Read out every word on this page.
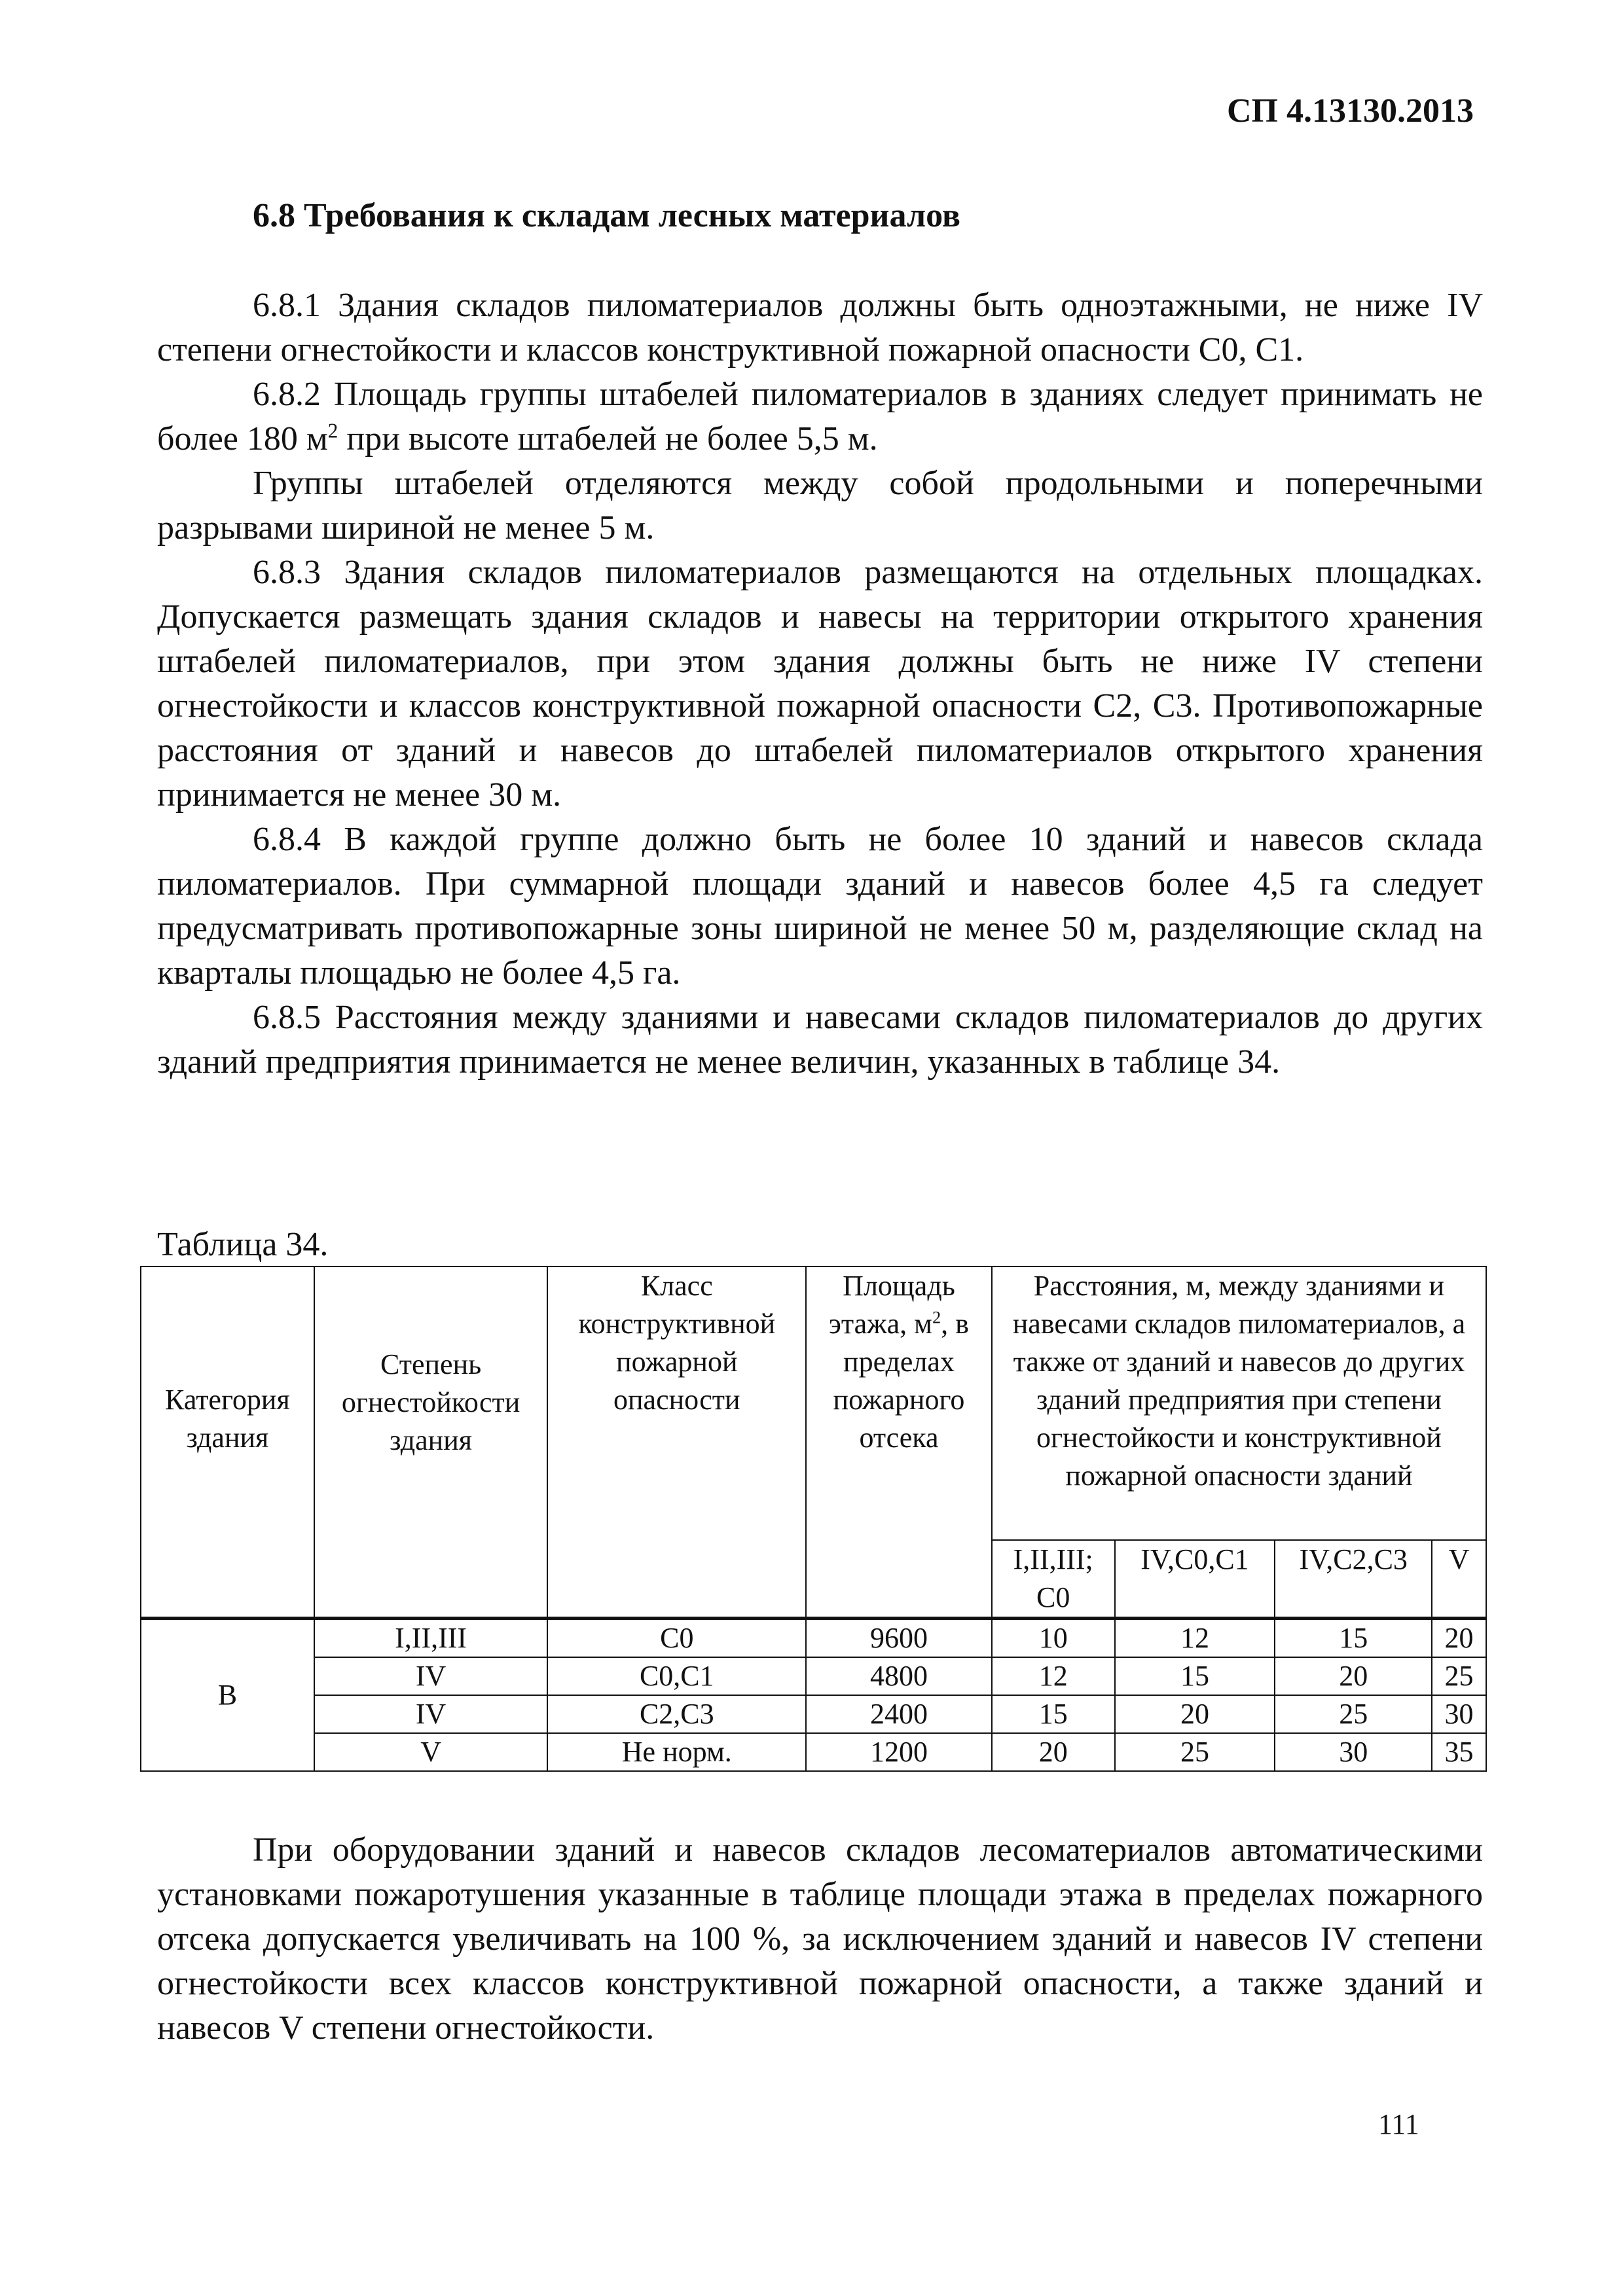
СП 4.13130.2013
6.8 Требования к складам лесных материалов

6.8.1 Здания складов пиломатериалов должны быть одноэтажными, не ниже IV степени огнестойкости и классов конструктивной пожарной опасности С0, С1.

6.8.2 Площадь группы штабелей пиломатериалов в зданиях следует принимать не более 180 $м^2$ при высоте штабелей не более 5,5 м.

Группы штабелей отделяются между собой продольными и поперечными разрывами шириной не менее 5 м.

6.8.3 Здания складов пиломатериалов размещаются на отдельных площадках. Допускается размещать здания складов и навесы на территории открытого хранения штабелей пиломатериалов, при этом здания должны быть не ниже IV степени огнестойкости и классов конструктивной пожарной опасности С2, С3. Противопожарные расстояния от зданий и навесов до штабелей пиломатериалов открытого хранения принимается не менее 30 м.

6.8.4 В каждой группе должно быть не более 10 зданий и навесов склада пиломатериалов. При суммарной площади зданий и навесов более 4,5 га следует предусматривать противопожарные зоны шириной не менее 50 м, разделяющие склад на кварталы площадью не более 4,5 га.

6.8.5 Расстояния между зданиями и навесами складов пиломатериалов до других зданий предприятия принимается не менее величин, указанных в таблице 34.

Таблица 34.
Категория здания	Степень огнестойкости здания	Класс конструктивной пожарной опасности	Площадь этажа, $м^2$, в пределах пожарного отсека	Расстояния, м, между зданиями и навесами складов пиломатериалов, а также от зданий и навесов до других зданий предприятия при степени огнестойкости и конструктивной пожарной опасности зданий			
				I,II,III; С0	IV,С0,С1	IV,С2,С3	V
В	I,II,III	С0	9600	10	12	15	20
	IV	С0,С1	4800	12	15	20	25
	IV	С2,С3	2400	15	20	25	30
	V	Не норм.	1200	20	25	30	35

При оборудовании зданий и навесов складов лесоматериалов автоматическими установками пожаротушения указанные в таблице площади этажа в пределах пожарного отсека допускается увеличивать на 100 %, за исключением зданий и навесов IV степени огнестойкости всех классов конструктивной пожарной опасности, а также зданий и навесов V степени огнестойкости.

111
